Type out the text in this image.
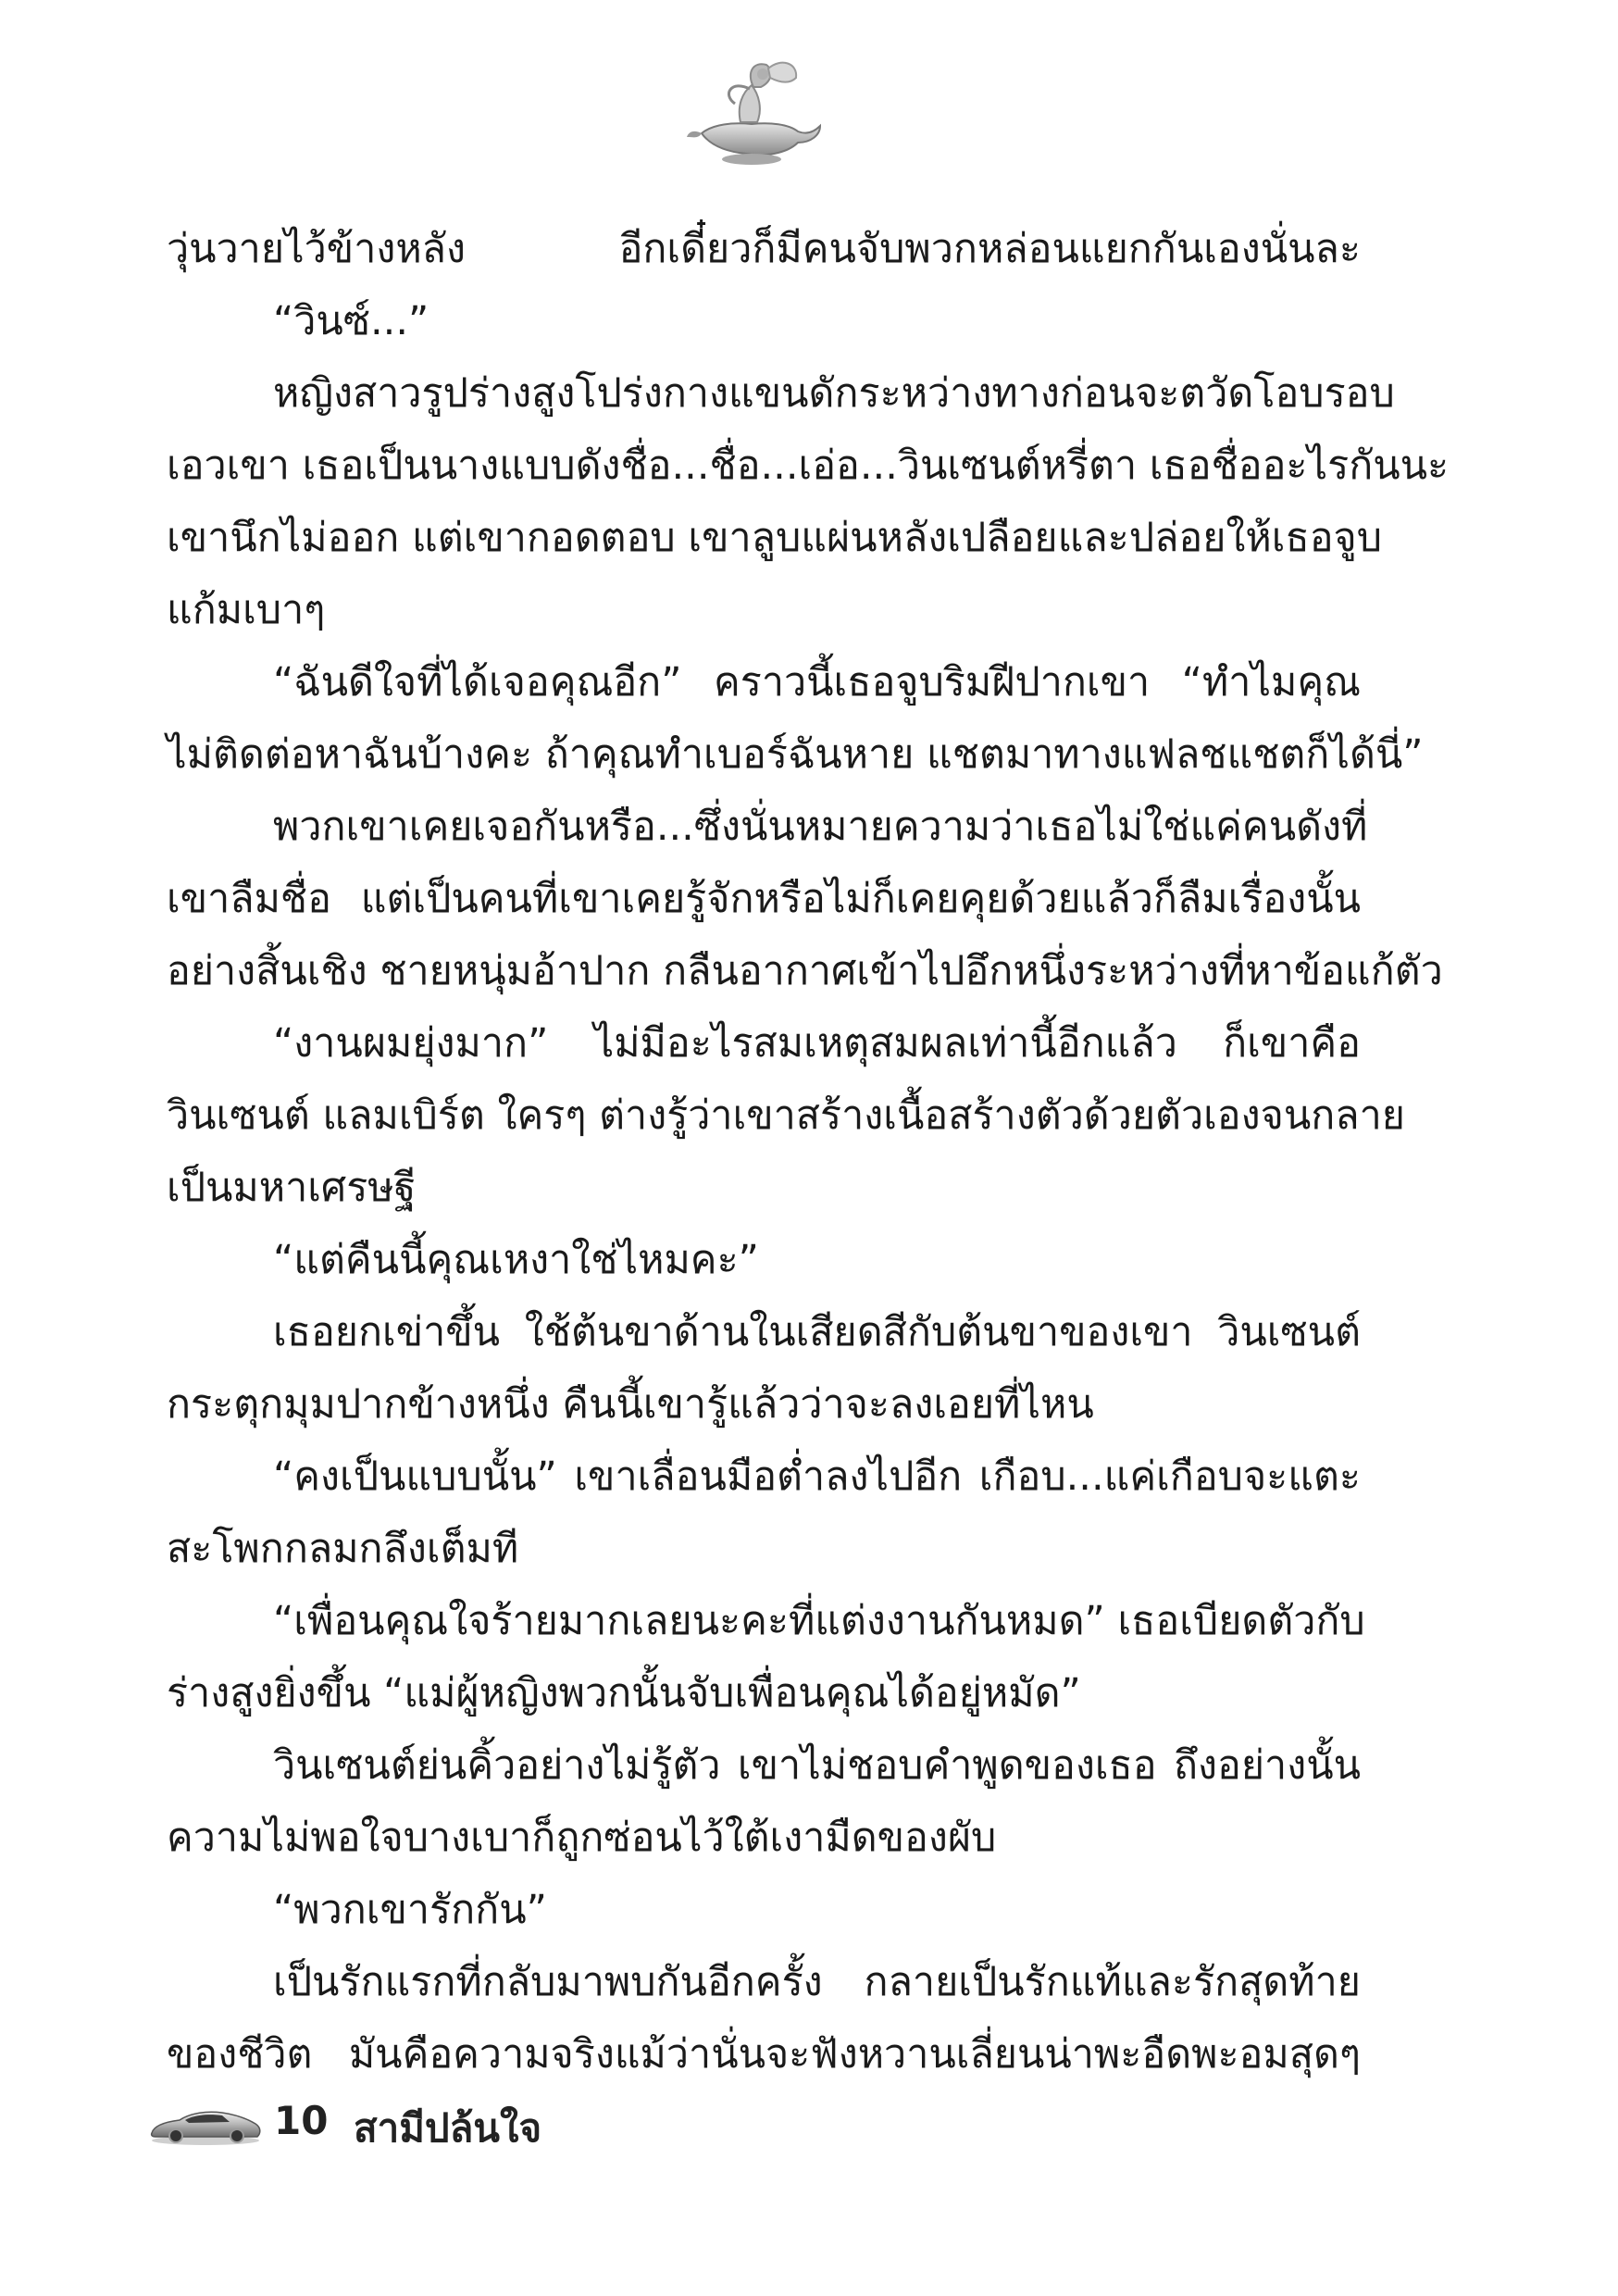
วุ่นวายไว้ข้างหลัง อีกเดี๋ยวก็มีคนจับพวกหล่อนแยกกันเองนั่นละ
“วินซ์...”
หญิงสาวรูปร่างสูงโปร่งกางแขนดักระหว่างทางก่อนจะตวัดโอบรอบ
เอวเขา เธอเป็นนางแบบดังชื่อ...ชื่อ...เอ่อ...วินเซนต์หรี่ตา เธอชื่ออะไรกันนะ
เขานึกไม่ออก แต่เขากอดตอบ เขาลูบแผ่นหลังเปลือยและปล่อยให้เธอจูบ
แก้มเบาๆ
“ฉันดีใจที่ได้เจอคุณอีก” คราวนี้เธอจูบริมฝีปากเขา “ทำไมคุณ
ไม่ติดต่อหาฉันบ้างคะ ถ้าคุณทำเบอร์ฉันหาย แชตมาทางแฟลชแชตก็ได้นี่”
พวกเขาเคยเจอกันหรือ...ซึ่งนั่นหมายความว่าเธอไม่ใช่แค่คนดังที่
เขาลืมชื่อ แต่เป็นคนที่เขาเคยรู้จักหรือไม่ก็เคยคุยด้วยแล้วก็ลืมเรื่องนั้น
อย่างสิ้นเชิง ชายหนุ่มอ้าปาก กลืนอากาศเข้าไปอึกหนึ่งระหว่างที่หาข้อแก้ตัว
“งานผมยุ่งมาก” ไม่มีอะไรสมเหตุสมผลเท่านี้อีกแล้ว ก็เขาคือ
วินเซนต์ แลมเบิร์ต ใครๆ ต่างรู้ว่าเขาสร้างเนื้อสร้างตัวด้วยตัวเองจนกลาย
เป็นมหาเศรษฐี
“แต่คืนนี้คุณเหงาใช่ไหมคะ”
เธอยกเข่าขึ้น ใช้ต้นขาด้านในเสียดสีกับต้นขาของเขา วินเซนต์
กระตุกมุมปากข้างหนึ่ง คืนนี้เขารู้แล้วว่าจะลงเอยที่ไหน
“คงเป็นแบบนั้น” เขาเลื่อนมือต่ำลงไปอีก เกือบ...แค่เกือบจะแตะ
สะโพกกลมกลึงเต็มที
“เพื่อนคุณใจร้ายมากเลยนะคะที่แต่งงานกันหมด” เธอเบียดตัวกับ
ร่างสูงยิ่งขึ้น “แม่ผู้หญิงพวกนั้นจับเพื่อนคุณได้อยู่หมัด”
วินเซนต์ย่นคิ้วอย่างไม่รู้ตัว เขาไม่ชอบคำพูดของเธอ ถึงอย่างนั้น
ความไม่พอใจบางเบาก็ถูกซ่อนไว้ใต้เงามืดของผับ
“พวกเขารักกัน”
เป็นรักแรกที่กลับมาพบกันอีกครั้ง กลายเป็นรักแท้และรักสุดท้าย
ของชีวิต มันคือความจริงแม้ว่านั่นจะฟังหวานเลี่ยนน่าพะอืดพะอมสุดๆ
10 สามีปล้นใจ
